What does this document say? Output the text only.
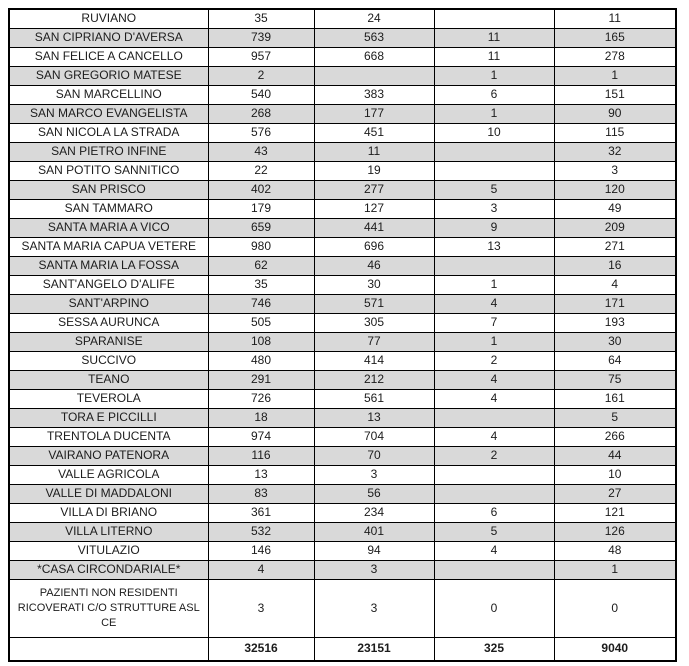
RUVIANO	35	24		11
SAN CIPRIANO D'AVERSA	739	563	11	165
SAN FELICE A CANCELLO	957	668	11	278
SAN GREGORIO MATESE	2		1	1
SAN MARCELLINO	540	383	6	151
SAN MARCO EVANGELISTA	268	177	1	90
SAN NICOLA LA STRADA	576	451	10	115
SAN PIETRO INFINE	43	11		32
SAN POTITO SANNITICO	22	19		3
SAN PRISCO	402	277	5	120
SAN TAMMARO	179	127	3	49
SANTA MARIA A VICO	659	441	9	209
SANTA MARIA CAPUA VETERE	980	696	13	271
SANTA MARIA LA FOSSA	62	46		16
SANT'ANGELO D'ALIFE	35	30	1	4
SANT'ARPINO	746	571	4	171
SESSA AURUNCA	505	305	7	193
SPARANISE	108	77	1	30
SUCCIVO	480	414	2	64
TEANO	291	212	4	75
TEVEROLA	726	561	4	161
TORA E PICCILLI	18	13		5
TRENTOLA DUCENTA	974	704	4	266
VAIRANO PATENORA	116	70	2	44
VALLE AGRICOLA	13	3		10
VALLE DI MADDALONI	83	56		27
VILLA DI BRIANO	361	234	6	121
VILLA LITERNO	532	401	5	126
VITULAZIO	146	94	4	48
*CASA CIRCONDARIALE*	4	3		1
PAZIENTI NON RESIDENTI RICOVERATI C/O STRUTTURE ASL CE	3	3	0	0
	32516	23151	325	9040
